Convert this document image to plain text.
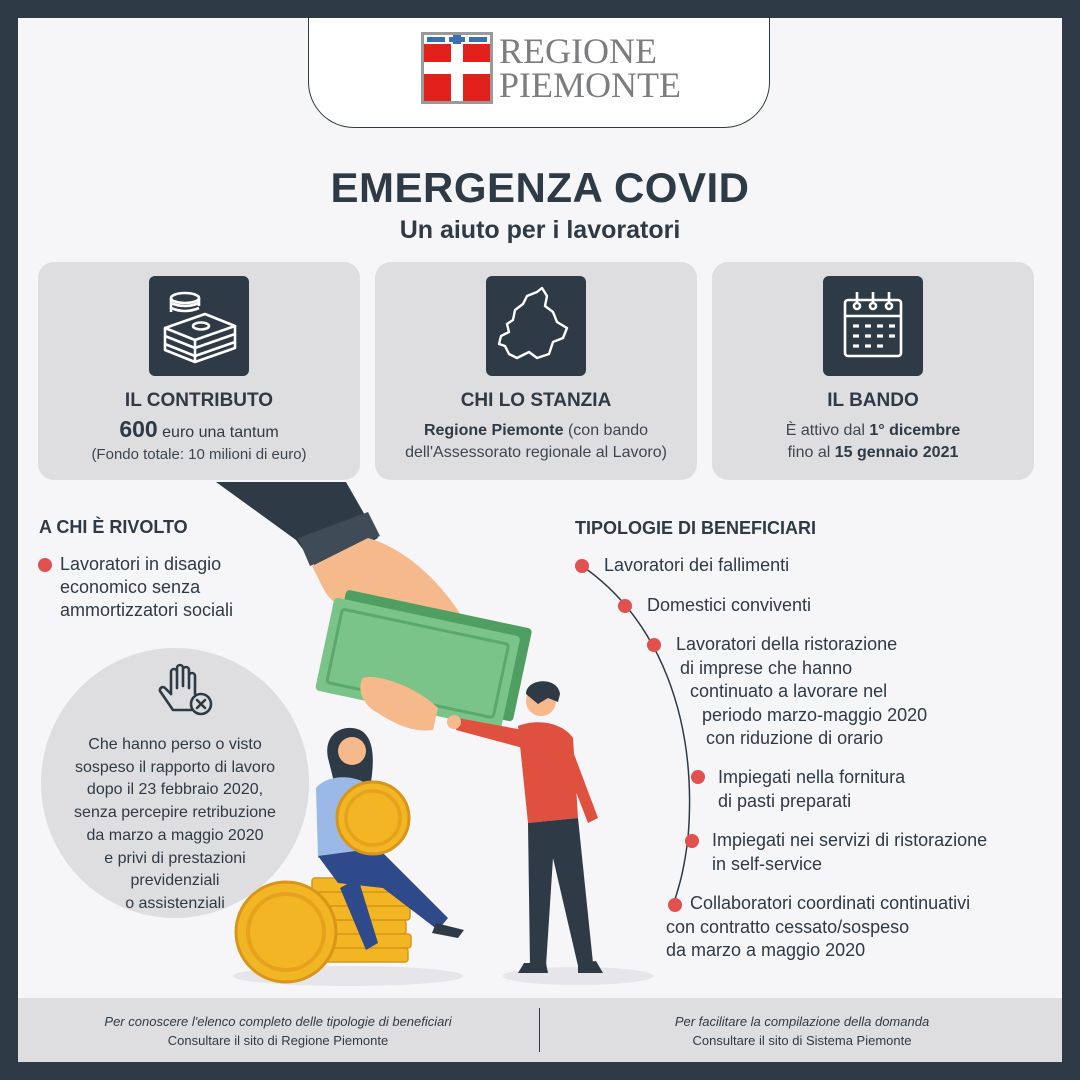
REGIONE
PIEMONTE
EMERGENZA COVID
Un aiuto per i lavoratori
IL CONTRIBUTO
600 euro una tantum
(Fondo totale: 10 milioni di euro)
CHI LO STANZIA
Regione Piemonte (con bando
dell'Assessorato regionale al Lavoro)
IL BANDO
È attivo dal 1° dicembre
fino al 15 gennaio 2021
A CHI È RIVOLTO
Lavoratori in disagio
economico senza
ammortizzatori sociali
Che hanno perso o visto
sospeso il rapporto di lavoro
dopo il 23 febbraio 2020,
senza percepire retribuzione
da marzo a maggio 2020
e privi di prestazioni
previdenziali
o assistenziali
TIPOLOGIE DI BENEFICIARI
Lavoratori dei fallimenti
Domestici conviventi
Lavoratori della ristorazione
di imprese che hanno
continuato a lavorare nel
periodo marzo-maggio 2020
con riduzione di orario
Impiegati nella fornitura
di pasti preparati
Impiegati nei servizi di ristorazione
in self-service
Collaboratori coordinati continuativi
con contratto cessato/sospeso
da marzo a maggio 2020
Per conoscere l'elenco completo delle tipologie di beneficiari
Consultare il sito di Regione Piemonte
Per facilitare la compilazione della domanda
Consultare il sito di Sistema Piemonte
